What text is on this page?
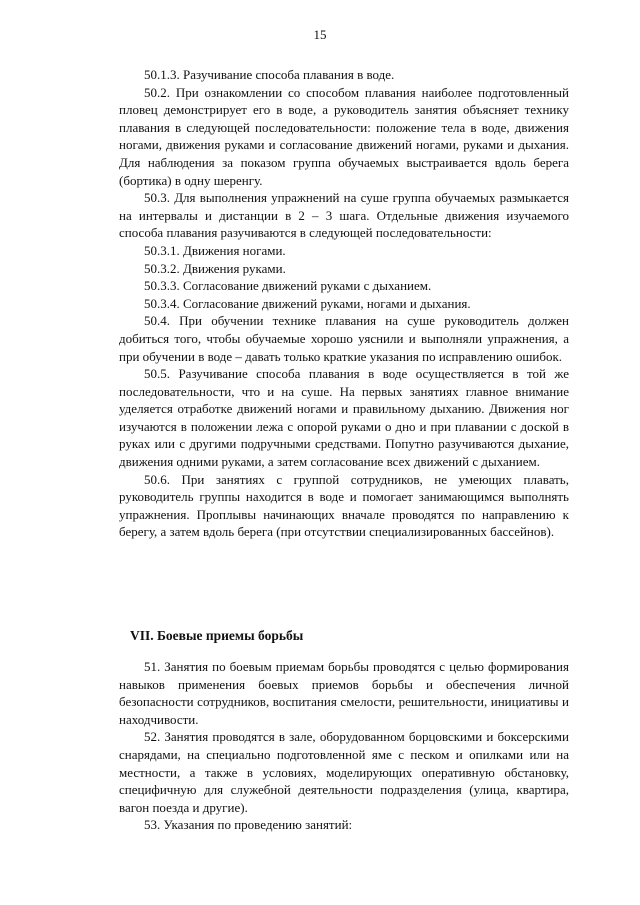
15

50.1.3. Разучивание способа плавания в воде.

50.2. При ознакомлении со способом плавания наиболее подготовленный пловец демонстрирует его в воде, а руководитель занятия объясняет технику плавания в следующей последовательности: положение тела в воде, движения ногами, движения руками и согласование движений ногами, руками и дыхания. Для наблюдения за показом группа обучаемых выстраивается вдоль берега (бортика) в одну шеренгу.

50.3. Для выполнения упражнений на суше группа обучаемых размыкается на интервалы и дистанции в 2 – 3 шага. Отдельные движения изучаемого способа плавания разучиваются в следующей последовательности:

50.3.1. Движения ногами.

50.3.2. Движения руками.

50.3.3. Согласование движений руками с дыханием.

50.3.4. Согласование движений руками, ногами и дыхания.

50.4. При обучении технике плавания на суше руководитель должен добиться того, чтобы обучаемые хорошо уяснили и выполняли упражнения, а при обучении в воде – давать только краткие указания по исправлению ошибок.

50.5. Разучивание способа плавания в воде осуществляется в той же последовательности, что и на суше. На первых занятиях главное внимание уделяется отработке движений ногами и правильному дыханию. Движения ног изучаются в положении лежа с опорой руками о дно и при плавании с доской в руках или с другими подручными средствами. Попутно разучиваются дыхание, движения одними руками, а затем согласование всех движений с дыханием.

50.6. При занятиях с группой сотрудников, не умеющих плавать, руководитель группы находится в воде и помогает занимающимся выполнять упражнения. Проплывы начинающих вначале проводятся по направлению к берегу, а затем вдоль берега (при отсутствии специализированных бассейнов).

VII. Боевые приемы борьбы

51. Занятия по боевым приемам борьбы проводятся с целью формирования навыков применения боевых приемов борьбы и обеспечения личной безопасности сотрудников, воспитания смелости, решительности, инициативы и находчивости.

52. Занятия проводятся в зале, оборудованном борцовскими и боксерскими снарядами, на специально подготовленной яме с песком и опилками или на местности, а также в условиях, моделирующих оперативную обстановку, специфичную для служебной деятельности подразделения (улица, квартира, вагон поезда и другие).

53. Указания по проведению занятий:
